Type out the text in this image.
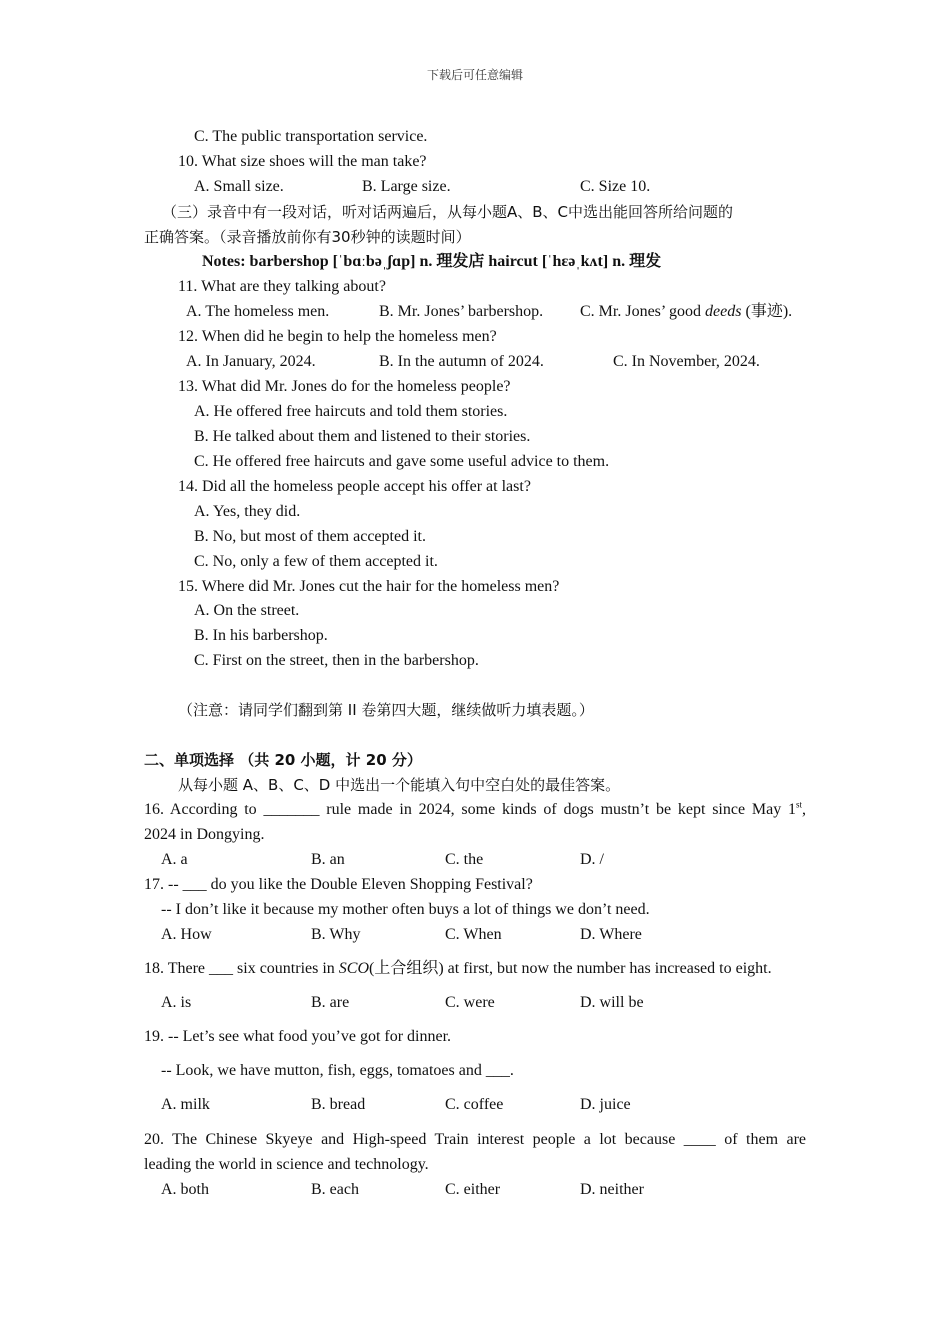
下载后可任意编辑
C. The public transportation service.
10. What size shoes will the man take?
A. Small size.	B. Large size.	C. Size 10.
（三）录音中有一段对话，听对话两遍后，从每小题A、B、C中选出能回答所给问题的
正确答案。（录音播放前你有30秒钟的读题时间）
Notes: barbershop [ˈbɑːbəˌʃɑp] n. 理发店 haircut [ˈhɛəˌkʌt] n. 理发
11. What are they talking about?
A. The homeless men.	B. Mr. Jones’ barbershop. C. Mr. Jones’ good deeds (事迹).
12. When did he begin to help the homeless men?
A. In January, 2024.	B. In the autumn of 2024.	C. In November, 2024.
13. What did Mr. Jones do for the homeless people?
A. He offered free haircuts and told them stories.
B. He talked about them and listened to their stories.
C. He offered free haircuts and gave some useful advice to them.
14. Did all the homeless people accept his offer at last?
A. Yes, they did.
B. No, but most of them accepted it.
C. No, only a few of them accepted it.
15. Where did Mr. Jones cut the hair for the homeless men?
A. On the street.
B. In his barbershop.
C. First on the street, then in the barbershop.
（注意：请同学们翻到第 II 卷第四大题，继续做听力填表题。）
二、单项选择 （共 20 小题，计 20 分）
从每小题 A、B、C、D 中选出一个能填入句中空白处的最佳答案。
16. According to _______ rule made in 2024, some kinds of dogs mustn’t be kept since May 1st,
2024 in Dongying.
A. a	B. an	C. the	D. /
17. -- ___ do you like the Double Eleven Shopping Festival?
-- I don’t like it because my mother often buys a lot of things we don’t need.
A. How	B. Why	C. When	D. Where
18. There ___ six countries in SCO(上合组织) at first, but now the number has increased to eight.
A. is	B. are	C. were	D. will be
19. -- Let’s see what food you’ve got for dinner.
-- Look, we have mutton, fish, eggs, tomatoes and ___.
A. milk	B. bread	C. coffee	D. juice
20. The Chinese Skyeye and High-speed Train interest people a lot because ____ of them are
leading the world in science and technology.
A. both	B. each	C. either	D. neither
